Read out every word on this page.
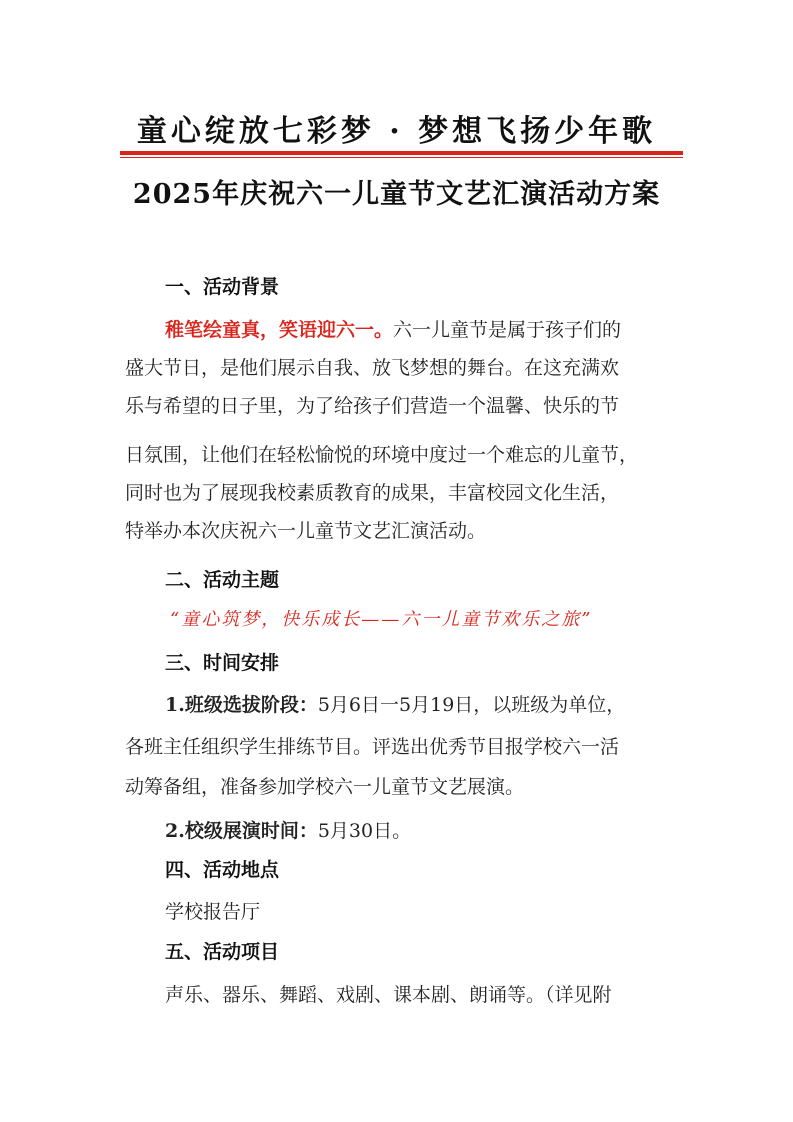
童心绽放七彩梦 · 梦想飞扬少年歌
2025年庆祝六一儿童节文艺汇演活动方案
一、活动背景
稚笔绘童真，笑语迎六一。六一儿童节是属于孩子们的
盛大节日，是他们展示自我、放飞梦想的舞台。在这充满欢
乐与希望的日子里，为了给孩子们营造一个温馨、快乐的节
日氛围，让他们在轻松愉悦的环境中度过一个难忘的儿童节，
同时也为了展现我校素质教育的成果，丰富校园文化生活，
特举办本次庆祝六一儿童节文艺汇演活动。
二、活动主题
“童心筑梦，快乐成长——六一儿童节欢乐之旅”
三、时间安排
1.班级选拔阶段：5月6日一5月19日，以班级为单位，
各班主任组织学生排练节目。评选出优秀节目报学校六一活
动筹备组，准备参加学校六一儿童节文艺展演。
2.校级展演时间：5月30日。
四、活动地点
学校报告厅
五、活动项目
声乐、器乐、舞蹈、戏剧、课本剧、朗诵等。（详见附
